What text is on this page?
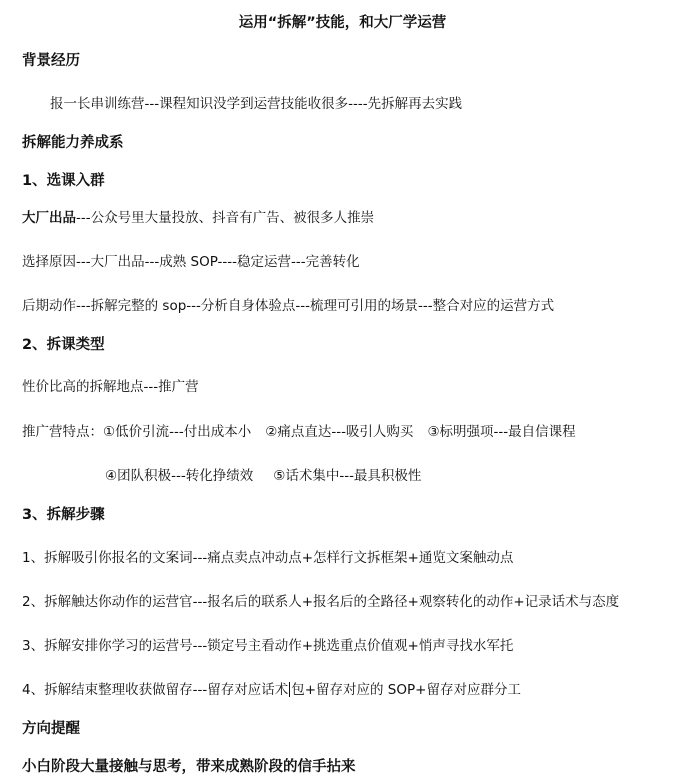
运用“拆解”技能，和大厂学运营
背景经历
报一长串训练营---课程知识没学到运营技能收很多----先拆解再去实践
拆解能力养成系
1、选课入群
大厂出品---公众号里大量投放、抖音有广告、被很多人推崇
选择原因---大厂出品---成熟 SOP----稳定运营---完善转化
后期动作---拆解完整的 sop---分析自身体验点---梳理可引用的场景---整合对应的运营方式
2、拆课类型
性价比高的拆解地点---推广营
推广营特点：①低价引流---付出成本小 ②痛点直达---吸引人购买 ③标明强项---最自信课程
④团队积极---转化挣绩效 ⑤话术集中---最具积极性
3、拆解步骤
1、拆解吸引你报名的文案词---痛点卖点冲动点+怎样行文拆框架+通览文案触动点
2、拆解触达你动作的运营官---报名后的联系人+报名后的全路径+观察转化的动作+记录话术与态度
3、拆解安排你学习的运营号---锁定号主看动作+挑选重点价值观+悄声寻找水军托
4、拆解结束整理收获做留存---留存对应话术 包+留存对应的 SOP+留存对应群分工
方向提醒
小白阶段大量接触与思考，带来成熟阶段的信手拈来
